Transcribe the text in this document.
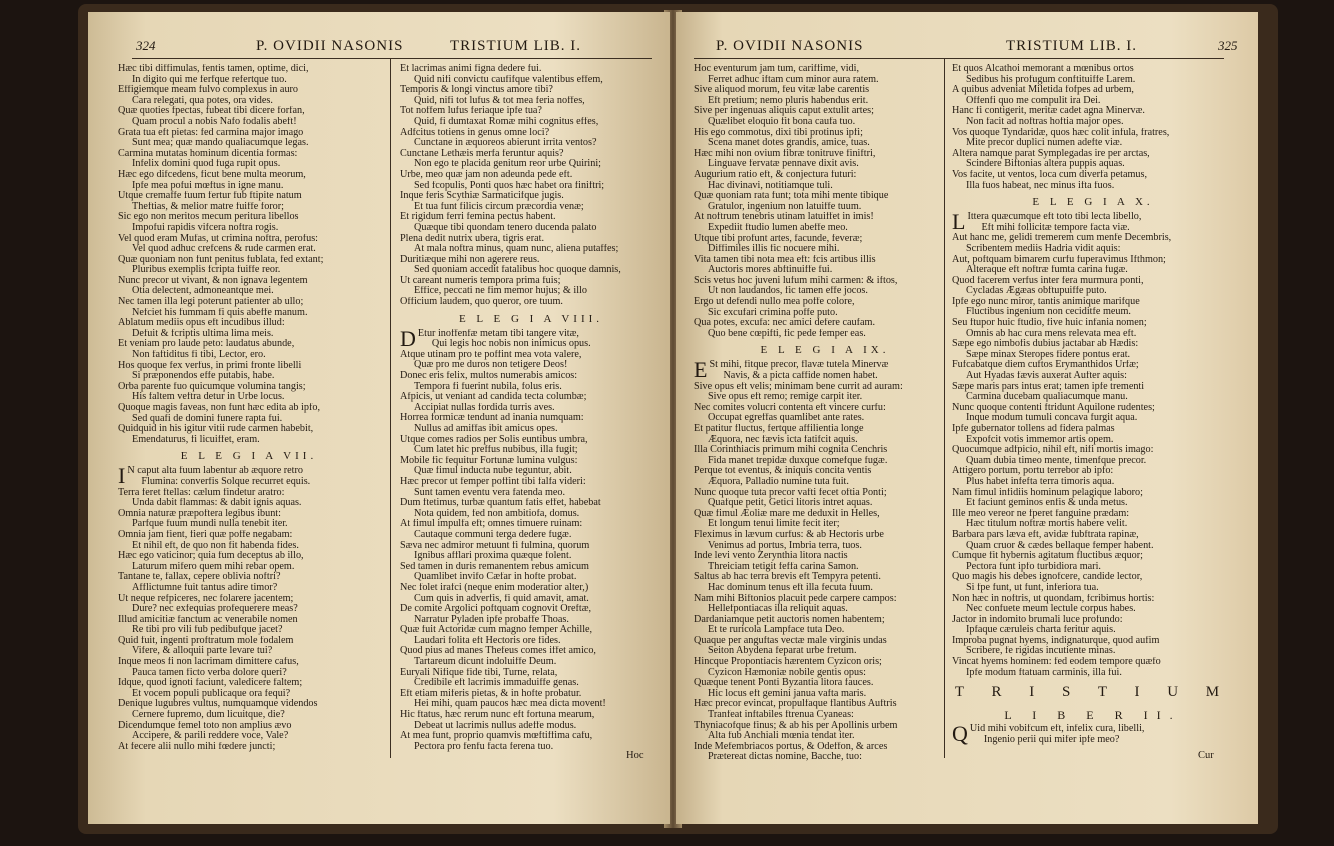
324	P. OVIDII NASONIS	TRISTIUM LIB. I.
Hæc tibi diffimulas, fentis tamen, optime, dici,
In digito qui me ferfque refertque tuo.
Effigiemque meam fulvo complexus in auro
Cara relegati, qua potes, ora vides.
Quæ quoties fpectas, fubeat tibi dicere forfan,
Quam procul a nobis Nafo fodalis abeft!
Grata tua eft pietas: fed carmina major imago
Sunt mea; quæ mando qualiacumque legas.
Carmina mutatas hominum dicentia formas:
Infelix domini quod fuga rupit opus.
Hæc ego difcedens, ficut bene multa meorum,
Ipfe mea pofui mœftus in igne manu.
Utque cremaffe fuum fertur fub ftipite natum
Theftias, & melior matre fuiffe foror;
Sic ego non meritos mecum peritura libellos
Impofui rapidis vifcera noftra rogis.
Vel quod eram Mufas, ut crimina noftra, perofus:
Vel quod adhuc crefcens & rude carmen erat.
Quæ quoniam non funt penitus fublata, fed extant;
Pluribus exemplis fcripta fuiffe reor.
Nunc precor ut vivant, & non ignava legentem
Otia delectent, admoneantque mei.
Nec tamen illa legi poterunt patienter ab ullo;
Nefciet his fummam fi quis abeffe manum.
Ablatum mediis opus eft incudibus illud:
Defuit & fcriptis ultima lima meis.
Et veniam pro laude peto: laudatus abunde,
Non faftiditus fi tibi, Lector, ero.
Hos quoque fex verfus, in primi fronte libelli
Si præponendos effe putabis, habe.
Orba parente fuo quicumque volumina tangis;
His faltem veftra detur in Urbe locus.
Quoque magis faveas, non funt hæc edita ab ipfo,
Sed quafi de domini funere rapta fui.
Quidquid in his igitur vitii rude carmen habebit,
Emendaturus, fi licuiffet, eram.
E L E G I A VII.
I N caput alta fuum labentur ab æquore retro
Flumina: converfis Solque recurret equis.
Terra feret ftellas: cælum findetur aratro:
Unda dabit flammas: & dabit ignis aquas.
Omnia naturæ præpoftera legibus ibunt:
Parfque fuum mundi nulla tenebit iter.
Omnia jam fient, fieri quæ poffe negabam:
Et nihil eft, de quo non fit habenda fides.
Hæc ego vaticinor; quia fum deceptus ab illo,
Laturum mifero quem mihi rebar opem.
Tantane te, fallax, cepere oblivia noftri?
Afflictumne fuit tantus adire timor?
Ut neque refpiceres, nec folarere jacentem;
Dure? nec exfequias profequerere meas?
Illud amicitiæ fanctum ac venerabile nomen
Re tibi pro vili fub pedibufque jacet?
Quid fuit, ingenti proftratum mole fodalem
Vifere, & alloquii parte levare tui?
Inque meos fi non lacrimam dimittere cafus,
Pauca tamen ficto verba dolore queri?
Idque, quod ignoti faciunt, valedicere faltem;
Et vocem populi publicaque ora fequi?
Denique lugubres vultus, numquamque videndos
Cernere fupremo, dum licuitque, die?
Dicendumque femel toto non amplius ævo
Accipere, & parili reddere voce, Vale?
At fecere alii nullo mihi fœdere juncti;
Et lacrimas animi figna dedere fui.
Quid nifi convictu caufifque valentibus effem,
Temporis & longi vinctus amore tibi?
Quid, nifi tot lufus & tot mea feria noffes,
Tot noffem lufus feriaque ipfe tua?
Quid, fi dumtaxat Romæ mihi cognitus effes,
Adfcitus totiens in genus omne loci?
Cunctane in æquoreos abierunt irrita ventos?
Cunctane Lethæis merfa feruntur aquis?
Non ego te placida genitum reor urbe Quirini;
Urbe, meo quæ jam non adeunda pede eft.
Sed fcopulis, Ponti quos hæc habet ora finiftri;
Inque feris Scythiæ Sarmaticifque jugis.
Et tua funt filicis circum præcordia venæ;
Et rigidum ferri femina pectus habent.
Quæque tibi quondam tenero ducenda palato
Plena dedit nutrix ubera, tigris erat.
At mala noftra minus, quam nunc, aliena putaffes;
Duritiæque mihi non agerere reus.
Sed quoniam accedit fatalibus hoc quoque damnis,
Ut careant numeris tempora prima fuis;
Effice, peccati ne fim memor hujus; & illo
Officium laudem, quo queror, ore tuum.
E L E G I A VIII.
D Etur inoffenfæ metam tibi tangere vitæ,
Qui legis hoc nobis non inimicus opus.
Atque utinam pro te poffint mea vota valere,
Quæ pro me duros non tetigere Deos!
Donec eris felix, multos numerabis amicos:
Tempora fi fuerint nubila, folus eris.
Afpicis, ut veniant ad candida tecta columbæ;
Accipiat nullas fordida turris aves.
Horrea formicæ tendunt ad inania numquam:
Nullus ad amiffas ibit amicus opes.
Utque comes radios per Solis euntibus umbra,
Cum latet hic preffus nubibus, illa fugit;
Mobile fic fequitur Fortunæ lumina vulgus:
Quæ fimul inducta nube teguntur, abit.
Hæc precor ut femper poffint tibi falfa videri:
Sunt tamen eventu vera fatenda meo.
Dum ftetimus, turbæ quantum fatis effet, habebat
Nota quidem, fed non ambitiofa, domus.
At fimul impulfa eft; omnes timuere ruinam:
Cautaque communi terga dedere fugæ.
Sæva nec admiror metuunt fi fulmina, quorum
Ignibus afflari proxima quæque folent.
Sed tamen in duris remanentem rebus amicum
Quamlibet invifo Cæfar in hofte probat.
Nec folet irafci (neque enim moderatior alter,)
Cum quis in adverfis, fi quid amavit, amat.
De comite Argolici poftquam cognovit Oreftæ,
Narratur Pyladen ipfe probaffe Thoas.
Quæ fuit Actoridæ cum magno femper Achille,
Laudari folita eft Hectoris ore fides.
Quod pius ad manes Thefeus comes iffet amico,
Tartareum dicunt indoluiffe Deum.
Euryali Nifique fide tibi, Turne, relata,
Credibile eft lacrimis immaduiffe genas.
Eft etiam miferis pietas, & in hofte probatur.
Hei mihi, quam paucos hæc mea dicta movent!
Hic ftatus, hæc rerum nunc eft fortuna mearum,
Debeat ut lacrimis nullus adeffe modus.
At mea funt, proprio quamvis mœftiffima cafu,
Pectora pro fenfu facta ferena tuo.
Hoc
P. OVIDII NASONIS	TRISTIUM LIB. I.	325
Hoc eventurum jam tum, cariffime, vidi,
Ferret adhuc iftam cum minor aura ratem.
Sive aliquod morum, feu vitæ labe carentis
Eft pretium; nemo pluris habendus erit.
Sive per ingenuas aliquis caput extulit artes;
Quælibet eloquio fit bona caufa tuo.
His ego commotus, dixi tibi protinus ipfi;
Scena manet dotes grandis, amice, tuas.
Hæc mihi non ovium fibræ tonitruve finiftri,
Linguave fervatæ pennave dixit avis.
Augurium ratio eft, & conjectura futuri:
Hac divinavi, notitiamque tuli.
Quæ quoniam rata funt; tota mihi mente tibique
Gratulor, ingenium non latuiffe tuum.
At noftrum tenebris utinam latuiffet in imis!
Expediit ftudio lumen abeffe meo.
Utque tibi profunt artes, facunde, feveræ;
Diffimiles illis fic nocuere mihi.
Vita tamen tibi nota mea eft: fcis artibus illis
Auctoris mores abftinuiffe fui.
Scis vetus hoc juveni lufum mihi carmen: & iftos,
Ut non laudandos, fic tamen effe jocos.
Ergo ut defendi nullo mea poffe colore,
Sic excufari crimina poffe puto.
Qua potes, excufa: nec amici defere caufam.
Quo bene cœpifti, fic pede femper eas.
E L E G I A IX.
E St mihi, fitque precor, flavæ tutela Minervæ
Navis, & a picta caffide nomen habet.
Sive opus eft velis; minimam bene currit ad auram:
Sive opus eft remo; remige carpit iter.
Nec comites volucri contenta eft vincere curfu:
Occupat egreffas quamlibet ante rates.
Et patitur fluctus, fertque affilientia longe
Æquora, nec fævis icta fatifcit aquis.
Illa Corinthiacis primum mihi cognita Cenchris
Fida manet trepidæ duxque comefque fugæ.
Perque tot eventus, & iniquis concita ventis
Æquora, Palladio numine tuta fuit.
Nunc quoque tuta precor vafti fecet oftia Ponti;
Quafque petit, Getici litoris intret aquas.
Quæ fimul Æoliæ mare me deduxit in Helles,
Et longum tenui limite fecit iter;
Fleximus in lævum curfus: & ab Hectoris urbe
Venimus ad portus, Imbria terra, tuos.
Inde levi vento Zerynthia litora nactis
Threiciam tetigit feffa carina Samon.
Saltus ab hac terra brevis eft Tempyra petenti.
Hac dominum tenus eft illa fecuta fuum.
Nam mihi Biftonios placuit pede carpere campos:
Hellefpontiacas illa reliquit aquas.
Dardaniamque petit auctoris nomen habentem;
Et te ruricola Lampface tuta Deo.
Quaque per anguftas vectæ male virginis undas
Seiton Abydena feparat urbe fretum.
Hincque Propontiacis hærentem Cyzicon oris;
Cyzicon Hæmoniæ nobile gentis opus:
Quæque tenent Ponti Byzantia litora fauces.
Hic locus eft gemini janua vafta maris.
Hæc precor evincat, propulfaque flantibus Auftris
Tranfeat inftabiles ftrenua Cyaneas:
Thyniacofque finus; & ab his per Apollinis urbem
Alta fub Anchiali mœnia tendat iter.
Inde Mefembriacos portus, & Odeffon, & arces
Prætereat dictas nomine, Bacche, tuo:
Et quos Alcathoi memorant a mœnibus ortos
Sedibus his profugum conftituiffe Larem.
A quibus adveniat Miletida fofpes ad urbem,
Offenfi quo me compulit ira Dei.
Hanc fi contigerit, meritæ cadet agna Minervæ.
Non facit ad noftras hoftia major opes.
Vos quoque Tyndaridæ, quos hæc colit infula, fratres,
Mite precor duplici numen adefte viæ.
Altera namque parat Symplegadas ire per arctas,
Scindere Biftonias altera puppis aquas.
Vos facite, ut ventos, loca cum diverfa petamus,
Illa fuos habeat, nec minus ifta fuos.
E L E G I A X.
L Ittera quæcumque eft toto tibi lecta libello,
Eft mihi follicitæ tempore facta viæ.
Aut hanc me, gelidi tremerem cum menfe Decembris,
Scribentem mediis Hadria vidit aquis:
Aut, poftquam bimarem curfu fuperavimus Ifthmon;
Alteraque eft noftræ fumta carina fugæ.
Quod facerem verfus inter fera murmura ponti,
Cycladas Ægæas obftupuiffe puto.
Ipfe ego nunc miror, tantis animique marifque
Fluctibus ingenium non ceciditfe meum.
Seu ftupor huic ftudio, five huic infania nomen;
Omnis ab hac cura mens relevata mea eft.
Sæpe ego nimbofis dubius jactabar ab Hædis:
Sæpe minax Steropes fidere pontus erat.
Fufcabatque diem cuftos Erymanthidos Urfæ;
Aut Hyadas fævis auxerat Aufter aquis:
Sæpe maris pars intus erat; tamen ipfe trementi
Carmina ducebam qualiacumque manu.
Nunc quoque contenti ftridunt Aquilone rudentes;
Inque modum tumuli concava furgit aqua.
Ipfe gubernator tollens ad fidera palmas
Expofcit votis immemor artis opem.
Quocumque adfpicio, nihil eft, nifi mortis imago:
Quam dubia timeo mente, timenfque precor.
Attigero portum, portu terrebor ab ipfo:
Plus habet infefta terra timoris aqua.
Nam fimul infidiis hominum pelagique laboro;
Et faciunt geminos enfis & unda metus.
Ille meo vereor ne fperet fanguine prædam:
Hæc titulum noftræ mortis habere velit.
Barbara pars læva eft, avidæ fubftrata rapinæ,
Quam cruor & cædes bellaque femper habent.
Cumque fit hybernis agitatum fluctibus æquor;
Pectora funt ipfo turbidiora mari.
Quo magis his debes ignofcere, candide lector,
Si fpe funt, ut funt, inferiora tua.
Non hæc in noftris, ut quondam, fcribimus hortis:
Nec confuete meum lectule corpus habes.
Jactor in indomito brumali luce profundo:
Ipfaque cæruleis charta feritur aquis.
Improba pugnat hyems, indignaturque, quod aufim
Scribere, fe rigidas incutiente minas.
Vincat hyems hominem: fed eodem tempore quæfo
Ipfe modum ftatuam carminis, illa fui.
T R I S T I U M
L I B E R II.
Q Uid mihi vobifcum eft, infelix cura, libelli,
Ingenio perii qui mifer ipfe meo?
Cur
